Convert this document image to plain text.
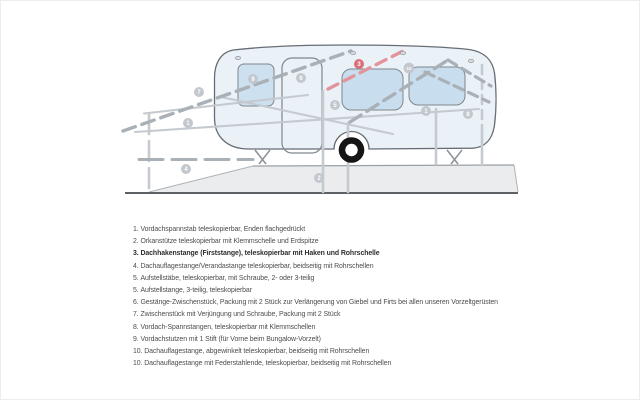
7
1
9	6
5
3
10
1	8
4
2
1. Vordachspannstab teleskopierbar, Enden flachgedrückt
2. Orkanstütze teleskopierbar mit Klemmschelle und Erdspitze
3. Dachhakenstange (Firststange), teleskopierbar mit Haken und Rohrschelle
4. Dachauflagestange/Verandastange teleskopierbar, beidseitig mit Rohrschellen
5. Aufstellstäbe, teleskopierbar, mit Schraube, 2- oder 3-teilig
5. Aufstellstange, 3-teilig, teleskopierbar
6. Gestänge-Zwischenstück, Packung mit 2 Stück zur Verlängerung von Giebel und Firts bei allen unseren Vorzeltgerüsten
7. Zwischenstück mit Verjüngung und Schraube, Packung mit 2 Stück
8. Vordach-Spannstangen, teleskopierbar mit Klemmschellen
9. Vordachstutzen mit 1 Stift (für Vorne beim Bungalow-Vorzelt)
10. Dachauflagestange, abgewinkelt teleskopierbar, beidseitig mit Rohrschellen
10. Dachauflagestange mit Federstahlende, teleskopierbar, beidseitig mit Rohrschellen
